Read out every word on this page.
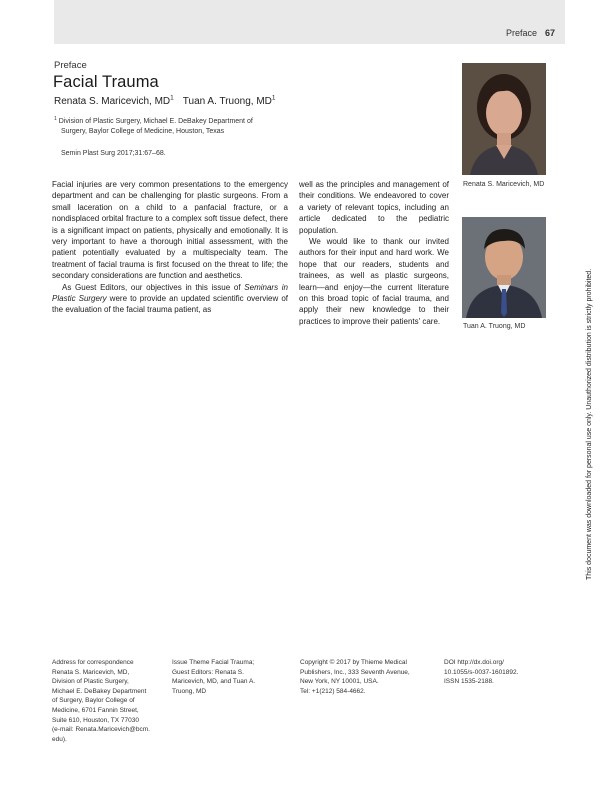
Preface 67
Preface
Facial Trauma
Renata S. Maricevich, $MD^1$ Tuan A. Truong, $MD^1$
$^1$ Division of Plastic Surgery, Michael E. DeBakey Department of
Surgery, Baylor College of Medicine, Houston, Texas
Semin Plast Surg 2017;31:67–68.

Facial injuries are very common presentations to the emergency department and can be challenging for plastic surgeons. From a small laceration on a child to a panfacial fracture, or a nondisplaced orbital fracture to a complex soft tissue defect, there is a significant impact on patients, physically and emotionally. It is very important to have a thorough initial assessment, with the patient potentially evaluated by a multispecialty team. The treatment of facial trauma is first focused on the threat to life; the secondary considerations are function and aesthetics.

As Guest Editors, our objectives in this issue of Seminars in Plastic Surgery were to provide an updated scientific overview of the evaluation of the facial trauma patient, as

well as the principles and management of their conditions. We endeavored to cover a variety of relevant topics, including an article dedicated to the pediatric population.

We would like to thank our invited authors for their input and hard work. We hope that our readers, students and trainees, as well as plastic surgeons, learn—and enjoy—the current literature on this broad topic of facial trauma, and apply their new knowledge to their practices to improve their patients' care.

Renata S. Maricevich, MD
Tuan A. Truong, MD	This document was downloaded for personal use only. Unauthorized distribution is strictly prohibited.
Address for correspondence
Renata S. Maricevich, MD,
Division of Plastic Surgery,
Michael E. DeBakey Department
of Surgery, Baylor College of
Medicine, 6701 Fannin Street,
Suite 610, Houston, TX 77030
(e-mail: Renata.Maricevich@bcm.
edu).
Issue Theme Facial Trauma;
Guest Editors: Renata S.
Maricevich, MD, and Tuan A.
Truong, MD
Copyright © 2017 by Thieme Medical
Publishers, Inc., 333 Seventh Avenue,
New York, NY 10001, USA.
Tel: +1(212) 584-4662.
DOI http://dx.doi.org/
10.1055/s-0037-1601892.
ISSN 1535-2188.
